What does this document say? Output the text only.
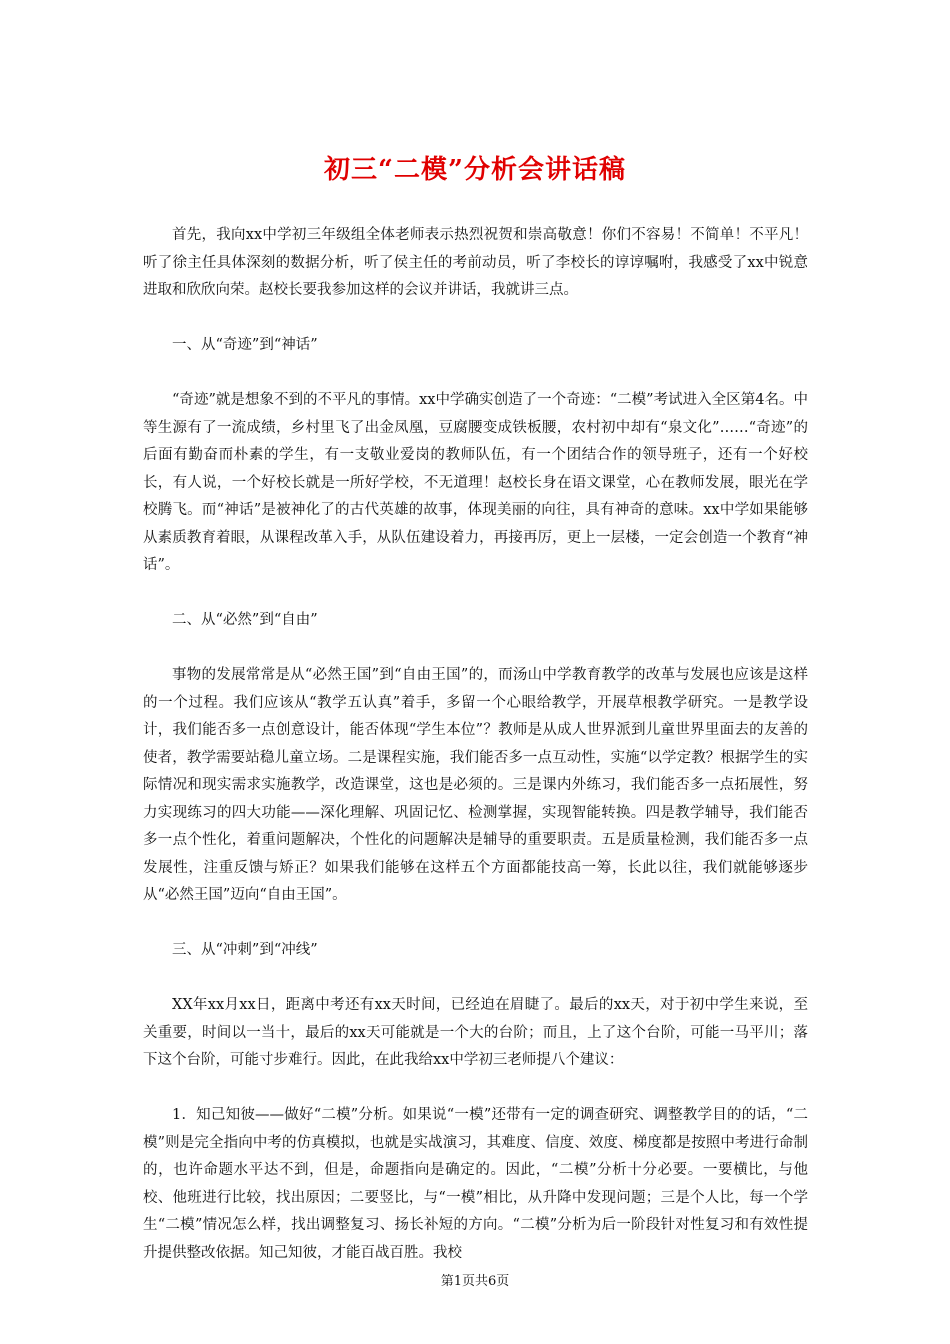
初三“二模”分析会讲话稿

首先，我向xx中学初三年级组全体老师表示热烈祝贺和崇高敬意！你们不容易！不简单！不平凡！听了徐主任具体深刻的数据分析，听了侯主任的考前动员，听了李校长的谆谆嘱咐，我感受了xx中锐意进取和欣欣向荣。赵校长要我参加这样的会议并讲话，我就讲三点。

一、从“奇迹”到“神话”

“奇迹”就是想象不到的不平凡的事情。xx中学确实创造了一个奇迹：“二模”考试进入全区第4名。中等生源有了一流成绩，乡村里飞了出金凤凰，豆腐腰变成铁板腰，农村初中却有“泉文化”……“奇迹”的后面有勤奋而朴素的学生，有一支敬业爱岗的教师队伍，有一个团结合作的领导班子，还有一个好校长，有人说，一个好校长就是一所好学校，不无道理！赵校长身在语文课堂，心在教师发展，眼光在学校腾飞。而“神话”是被神化了的古代英雄的故事，体现美丽的向往，具有神奇的意味。xx中学如果能够从素质教育着眼，从课程改革入手，从队伍建设着力，再接再厉，更上一层楼，一定会创造一个教育“神话”。

二、从“必然”到“自由”

事物的发展常常是从“必然王国”到“自由王国”的，而汤山中学教育教学的改革与发展也应该是这样的一个过程。我们应该从“教学五认真”着手，多留一个心眼给教学，开展草根教学研究。一是教学设计，我们能否多一点创意设计，能否体现“学生本位”？教师是从成人世界派到儿童世界里面去的友善的使者，教学需要站稳儿童立场。二是课程实施，我们能否多一点互动性，实施“以学定教？根据学生的实际情况和现实需求实施教学，改造课堂，这也是必须的。三是课内外练习，我们能否多一点拓展性，努力实现练习的四大功能——深化理解、巩固记忆、检测掌握，实现智能转换。四是教学辅导，我们能否多一点个性化，着重问题解决，个性化的问题解决是辅导的重要职责。五是质量检测，我们能否多一点发展性，注重反馈与矫正？如果我们能够在这样五个方面都能技高一筹，长此以往，我们就能够逐步从“必然王国”迈向“自由王国”。

三、从“冲刺”到“冲线”

XX年xx月xx日，距离中考还有xx天时间，已经迫在眉睫了。最后的xx天，对于初中学生来说，至关重要，时间以一当十，最后的xx天可能就是一个大的台阶；而且，上了这个台阶，可能一马平川；落下这个台阶，可能寸步难行。因此，在此我给xx中学初三老师提八个建议：

1．知己知彼——做好“二模”分析。如果说“一模”还带有一定的调查研究、调整教学目的的话，“二模”则是完全指向中考的仿真模拟，也就是实战演习，其难度、信度、效度、梯度都是按照中考进行命制的，也许命题水平达不到，但是，命题指向是确定的。因此，“二模”分析十分必要。一要横比，与他校、他班进行比较，找出原因；二要竖比，与“一模”相比，从升降中发现问题；三是个人比，每一个学生“二模”情况怎么样，找出调整复习、扬长补短的方向。“二模”分析为后一阶段针对性复习和有效性提升提供整改依据。知己知彼，才能百战百胜。我校

第1页共6页
